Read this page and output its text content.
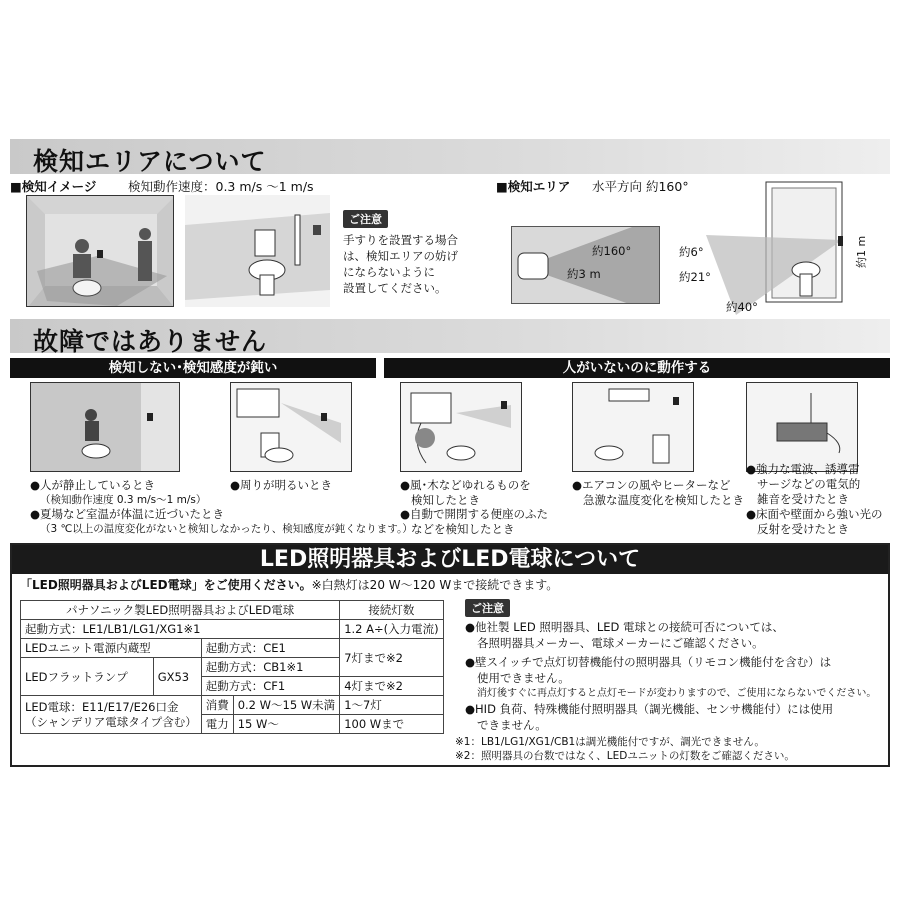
検知エリアについて
■検知イメージ	検知動作速度：0.3 m/s 〜1 m/s
ご注意
手すりを設置する場合
は、検知エリアの妨げ
にならないように
設置してください。
■検知エリア 水平方向 約160°
約160°
約3 m
約6°
約21°
約40°
約1 m
故障ではありません
検知しない･検知感度が鈍い	人がいないのに動作する
●人が静止しているとき
（検知動作速度 0.3 m/s〜1 m/s）
●夏場など室温が体温に近づいたとき
（3 ℃以上の温度変化がないと検知しなかったり、検知感度が鈍くなります。）
●周りが明るいとき	●風･木などゆれるものを
検知したとき
●自動で開閉する便座のふた
などを検知したとき
●エアコンの風やヒーターなど
急激な温度変化を検知したとき
●強力な電波、誘導雷
サージなどの電気的
雑音を受けたとき
●床面や壁面から強い光の
反射を受けたとき
LED照明器具およびLED電球について
「LED照明器具およびLED電球」をご使用ください。※白熱灯は20 W〜120 Wまで接続できます。
パナソニック製LED照明器具およびLED電球				接続灯数
起動方式：LE1/LB1/LG1/XG1※1				1.2 A÷(入力電流)
LEDユニット電源内蔵型		起動方式：CE1		7灯まで※2
LEDフラットランプ	GX53			
		起動方式：CB1※1		
		起動方式：CF1		4灯まで※2

LED電球：E11/E17/E26口金
（シャンデリア電球タイプ含む）		消費	0.2 W〜15 W未満	1〜7灯
		電力	15 W〜	100 Wまで
ご注意
●他社製 LED 照明器具、LED 電球との接続可否については、
各照明器具メーカー、電球メーカーにご確認ください。
●壁スイッチで点灯切替機能付の照明器具（リモコン機能付を含む）は
使用できません。
消灯後すぐに再点灯すると点灯モードが変わりますので、ご使用にならないでください。
●HID 負荷、特殊機能付照明器具（調光機能、センサ機能付）には使用
できません。
※1：LB1/LG1/XG1/CB1は調光機能付ですが、調光できません。
※2：照明器具の台数ではなく、LEDユニットの灯数をご確認ください。
